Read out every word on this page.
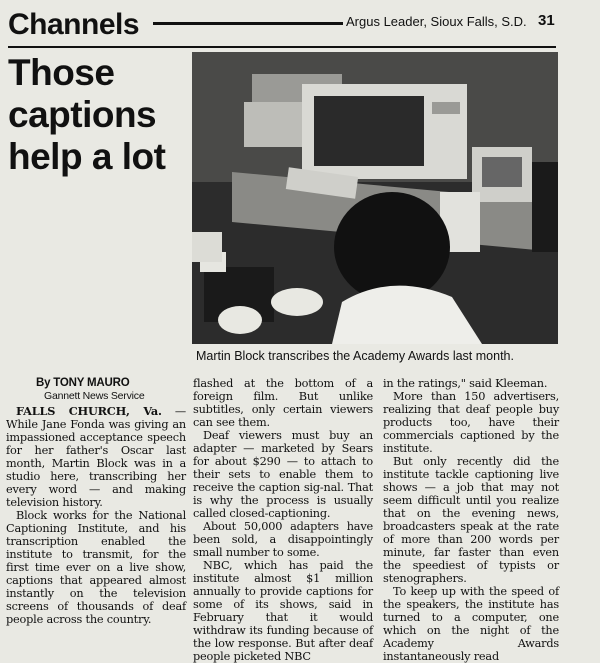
Channels	Argus Leader, Sioux Falls, S.D. 31
Those
captions
help a lot
Martin Block transcribes the Academy Awards last month.
By TONY MAURO
Gannett News Service

FALLS CHURCH, Va. — While Jane Fonda was giving an impassioned acceptance speech for her father's Oscar last month, Martin Block was in a studio here, transcribing her every word — and making television history.

Block works for the National Captioning Institute, and his transcription enabled the institute to transmit, for the first time ever on a live show, captions that appeared almost instantly on the television screens of thousands of deaf people across the country.

flashed at the bottom of a foreign film. But unlike subtitles, only certain viewers can see them.

Deaf viewers must buy an adapter — marketed by Sears for about $290 — to attach to their sets to enable them to receive the caption sig-nal. That is why the process is usually called closed-captioning.

About 50,000 adapters have been sold, a disappointingly small number to some.

NBC, which has paid the institute almost $1 million annually to provide captions for some of its shows, said in February that it would withdraw its funding because of the low response. But after deaf people picketed NBC

in the ratings," said Kleeman.

More than 150 advertisers, realizing that deaf people buy products too, have their commercials captioned by the institute.

But only recently did the institute tackle captioning live shows — a job that may not seem difficult until you realize that on the evening news, broadcasters speak at the rate of more than 200 words per minute, far faster than even the speediest of typists or stenographers.

To keep up with the speed of the speakers, the institute has turned to a computer, one which on the night of the Academy Awards instantaneously read
